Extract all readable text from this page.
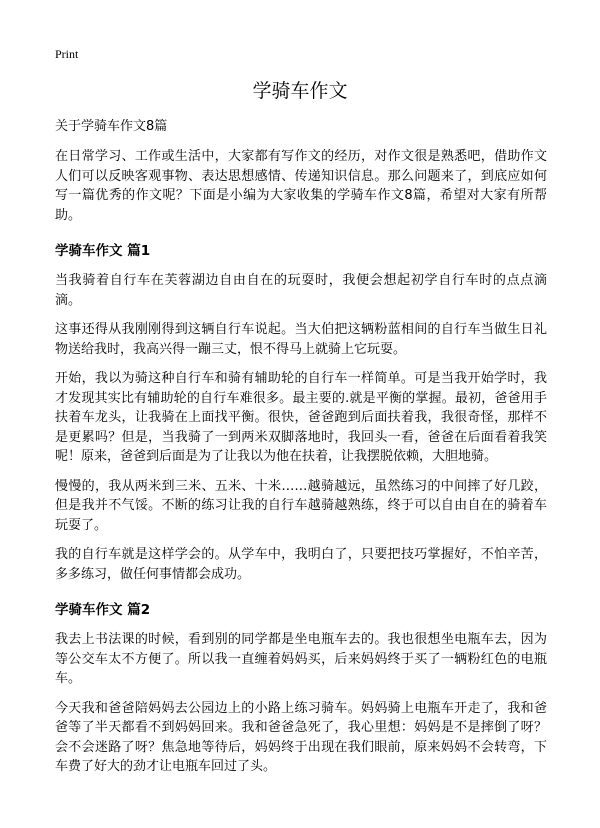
Print
学骑车作文
关于学骑车作文8篇

在日常学习、工作或生活中，大家都有写作文的经历，对作文很是熟悉吧，借助作文人们可以反映客观事物、表达思想感情、传递知识信息。那么问题来了，到底应如何写一篇优秀的作文呢？下面是小编为大家收集的学骑车作文8篇，希望对大家有所帮助。

学骑车作文 篇1

当我骑着自行车在芙蓉湖边自由自在的玩耍时，我便会想起初学自行车时的点点滴滴。

这事还得从我刚刚得到这辆自行车说起。当大伯把这辆粉蓝相间的自行车当做生日礼物送给我时，我高兴得一蹦三丈，恨不得马上就骑上它玩耍。

开始，我以为骑这种自行车和骑有辅助轮的自行车一样简单。可是当我开始学时，我才发现其实比有辅助轮的自行车难很多。最主要的.就是平衡的掌握。最初，爸爸用手扶着车龙头，让我骑在上面找平衡。很快，爸爸跑到后面扶着我，我很奇怪，那样不是更累吗？但是，当我骑了一到两米双脚落地时，我回头一看，爸爸在后面看着我笑呢！原来，爸爸到后面是为了让我以为他在扶着，让我摆脱依赖，大胆地骑。

慢慢的，我从两米到三米、五米、十米……越骑越远，虽然练习的中间摔了好几跤，但是我并不气馁。不断的练习让我的自行车越骑越熟练，终于可以自由自在的骑着车玩耍了。

我的自行车就是这样学会的。从学车中，我明白了，只要把技巧掌握好，不怕辛苦，多多练习，做任何事情都会成功。

学骑车作文 篇2

我去上书法课的时候，看到别的同学都是坐电瓶车去的。我也很想坐电瓶车去，因为等公交车太不方便了。所以我一直缠着妈妈买，后来妈妈终于买了一辆粉红色的电瓶车。

今天我和爸爸陪妈妈去公园边上的小路上练习骑车。妈妈骑上电瓶车开走了，我和爸爸等了半天都看不到妈妈回来。我和爸爸急死了，我心里想：妈妈是不是摔倒了呀？会不会迷路了呀？焦急地等待后，妈妈终于出现在我们眼前，原来妈妈不会转弯，下车费了好大的劲才让电瓶车回过了头。
